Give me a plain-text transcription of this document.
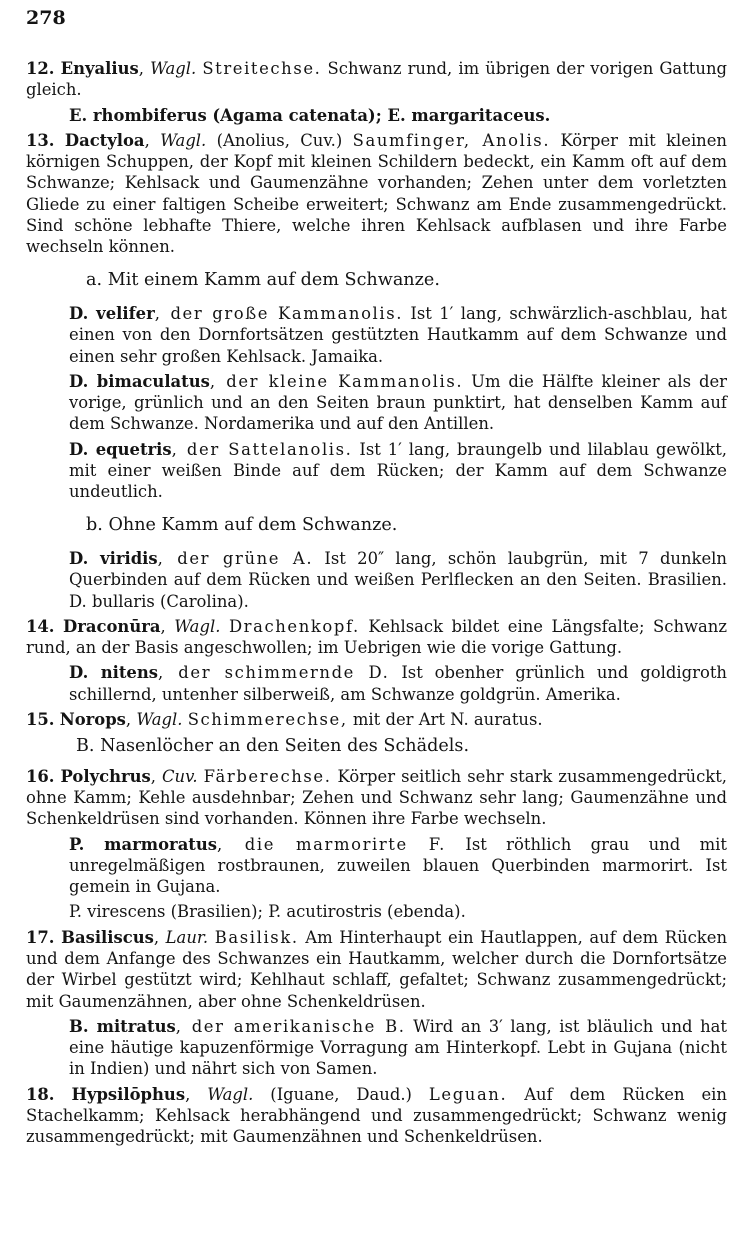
278

12. Enyalius, Wagl. Streitechse. Schwanz rund, im übrigen der vorigen Gattung gleich.

E. rhombiferus (Agama catenata); E. margaritaceus.

13. Dactyloa, Wagl. (Anolius, Cuv.) Saumfinger, Anolis. Körper mit kleinen körnigen Schuppen, der Kopf mit kleinen Schildern bedeckt, ein Kamm oft auf dem Schwanze; Kehlsack und Gaumenzähne vorhanden; Zehen unter dem vorletzten Gliede zu einer faltigen Scheibe erweitert; Schwanz am Ende zusammengedrückt. Sind schöne lebhafte Thiere, welche ihren Kehlsack aufblasen und ihre Farbe wechseln können.

a. Mit einem Kamm auf dem Schwanze.

D. velifer, der große Kammanolis. Ist 1′ lang, schwärzlich-aschblau, hat einen von den Dornfortsätzen gestützten Hautkamm auf dem Schwanze und einen sehr großen Kehlsack. Jamaika.

D. bimaculatus, der kleine Kammanolis. Um die Hälfte kleiner als der vorige, grünlich und an den Seiten braun punktirt, hat denselben Kamm auf dem Schwanze. Nordamerika und auf den Antillen.

D. equetris, der Sattelanolis. Ist 1′ lang, braungelb und lilablau gewölkt, mit einer weißen Binde auf dem Rücken; der Kamm auf dem Schwanze undeutlich.

b. Ohne Kamm auf dem Schwanze.

D. viridis, der grüne A. Ist 20″ lang, schön laubgrün, mit 7 dunkeln Querbinden auf dem Rücken und weißen Perlflecken an den Seiten. Brasilien. D. bullaris (Carolina).

14. Draconūra, Wagl. Drachenkopf. Kehlsack bildet eine Längsfalte; Schwanz rund, an der Basis angeschwollen; im Uebrigen wie die vorige Gattung.

D. nitens, der schimmernde D. Ist obenher grünlich und goldigroth schillernd, untenher silberweiß, am Schwanze goldgrün. Amerika.

15. Norops, Wagl. Schimmerechse, mit der Art N. auratus.

B. Nasenlöcher an den Seiten des Schädels.

16. Polychrus, Cuv. Färberechse. Körper seitlich sehr stark zusammengedrückt, ohne Kamm; Kehle ausdehnbar; Zehen und Schwanz sehr lang; Gaumenzähne und Schenkeldrüsen sind vorhanden. Können ihre Farbe wechseln.

P. marmoratus, die marmorirte F. Ist röthlich grau und mit unregelmäßigen rostbraunen, zuweilen blauen Querbinden marmorirt. Ist gemein in Gujana.

P. virescens (Brasilien); P. acutirostris (ebenda).

17. Basiliscus, Laur. Basilisk. Am Hinterhaupt ein Hautlappen, auf dem Rücken und dem Anfange des Schwanzes ein Hautkamm, welcher durch die Dornfortsätze der Wirbel gestützt wird; Kehlhaut schlaff, gefaltet; Schwanz zusammengedrückt; mit Gaumenzähnen, aber ohne Schenkeldrüsen.

B. mitratus, der amerikanische B. Wird an 3′ lang, ist bläulich und hat eine häutige kapuzenförmige Vorragung am Hinterkopf. Lebt in Gujana (nicht in Indien) und nährt sich von Samen.

18. Hypsilōphus, Wagl. (Iguane, Daud.) Leguan. Auf dem Rücken ein Stachelkamm; Kehlsack herabhängend und zusammengedrückt; Schwanz wenig zusammengedrückt; mit Gaumenzähnen und Schenkeldrüsen.
